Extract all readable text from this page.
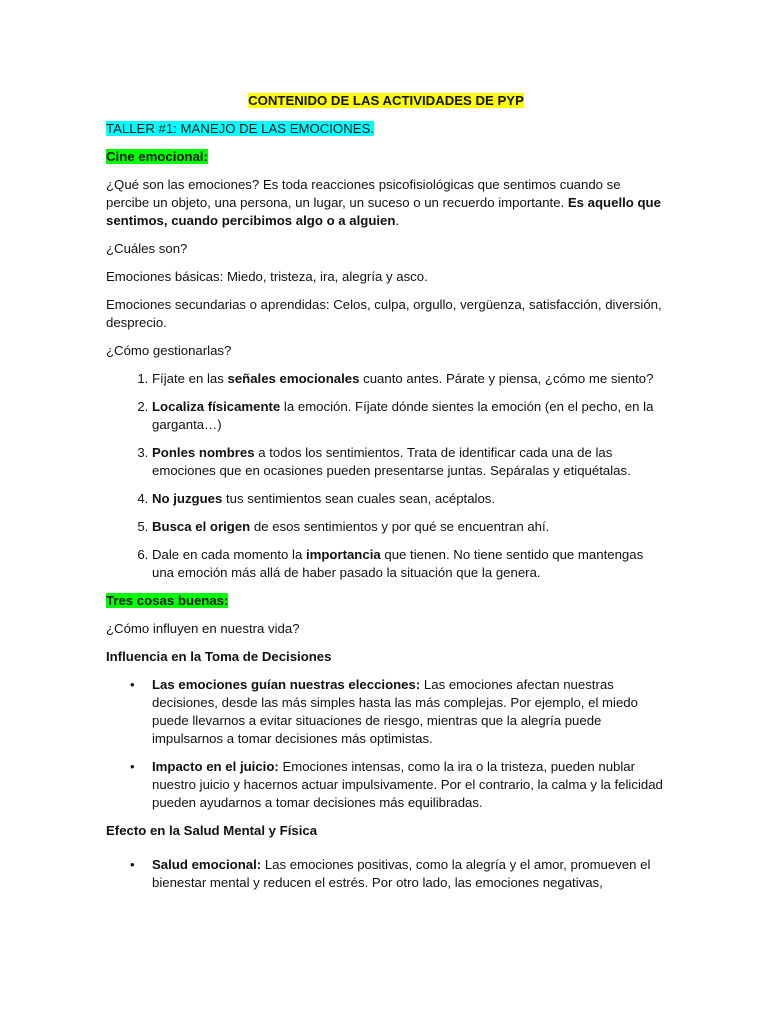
CONTENIDO DE LAS ACTIVIDADES DE PYP

TALLER #1: MANEJO DE LAS EMOCIONES.

Cine emocional:

¿Qué son las emociones? Es toda reacciones psicofisiológicas que sentimos cuando se percibe un objeto, una persona, un lugar, un suceso o un recuerdo importante. Es aquello que sentimos, cuando percibimos algo o a alguien.

¿Cuáles son?

Emociones básicas: Miedo, tristeza, ira, alegría y asco.

Emociones secundarias o aprendidas: Celos, culpa, orgullo, vergüenza, satisfacción, diversión, desprecio.

¿Cómo gestionarlas?

1. Fíjate en las señales emocionales cuanto antes. Párate y piensa, ¿cómo me siento?
2. Localiza físicamente la emoción. Fíjate dónde sientes la emoción (en el pecho, en la garganta…)
3. Ponles nombres a todos los sentimientos. Trata de identificar cada una de las emociones que en ocasiones pueden presentarse juntas. Sepáralas y etiquétalas.
4. No juzgues tus sentimientos sean cuales sean, acéptalos.
5. Busca el origen de esos sentimientos y por qué se encuentran ahí.
6. Dale en cada momento la importancia que tienen. No tiene sentido que mantengas una emoción más allá de haber pasado la situación que la genera.

Tres cosas buenas:

¿Cómo influyen en nuestra vida?

Influencia en la Toma de Decisiones

• Las emociones guían nuestras elecciones: Las emociones afectan nuestras decisiones, desde las más simples hasta las más complejas. Por ejemplo, el miedo puede llevarnos a evitar situaciones de riesgo, mientras que la alegría puede impulsarnos a tomar decisiones más optimistas.
• Impacto en el juicio: Emociones intensas, como la ira o la tristeza, pueden nublar nuestro juicio y hacernos actuar impulsivamente. Por el contrario, la calma y la felicidad pueden ayudarnos a tomar decisiones más equilibradas.

Efecto en la Salud Mental y Física

• Salud emocional: Las emociones positivas, como la alegría y el amor, promueven el bienestar mental y reducen el estrés. Por otro lado, las emociones negativas,
